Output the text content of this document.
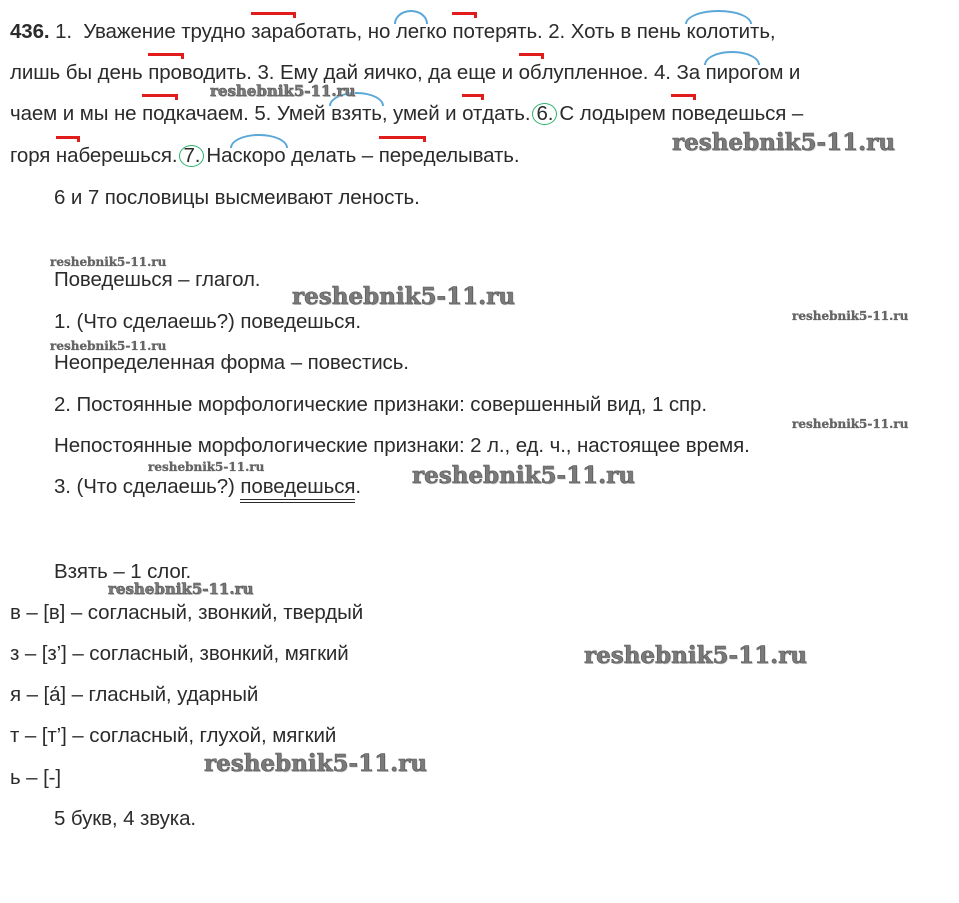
436. 1. Уважение трудно заработать, но легко потерять. 2. Хоть в пень колотить,
лишь бы день проводить. 3. Ему дай яичко, да еще и облупленное. 4. За пирогом и
чаем и мы не подкачаем. 5. Умей взять, умей и отдать. 6. С лодырем поведешься –
горя наберешься. 7. Наскоро делать – переделывать.
6 и 7 пословицы высмеивают леность.
Поведешься – глагол.
1. (Что сделаешь?) поведешься.
Неопределенная форма – повестись.
2. Постоянные морфологические признаки: совершенный вид, 1 спр.
Непостоянные морфологические признаки: 2 л., ед. ч., настоящее время.
3. (Что сделаешь?) поведешься.
Взять – 1 слог.
в – [в] – согласный, звонкий, твердый
з – [з’] – согласный, звонкий, мягкий
я – [а́] – гласный, ударный
т – [т’] – согласный, глухой, мягкий
ь – [-]
5 букв, 4 звука.
reshebnik5-11.ru
reshebnik5-11.ru
reshebnik5-11.ru
reshebnik5-11.ru
reshebnik5-11.ru
reshebnik5-11.ru
reshebnik5-11.ru
reshebnik5-11.ru	reshebnik5-11.ru
reshebnik5-11.ru
reshebnik5-11.ru
reshebnik5-11.ru
